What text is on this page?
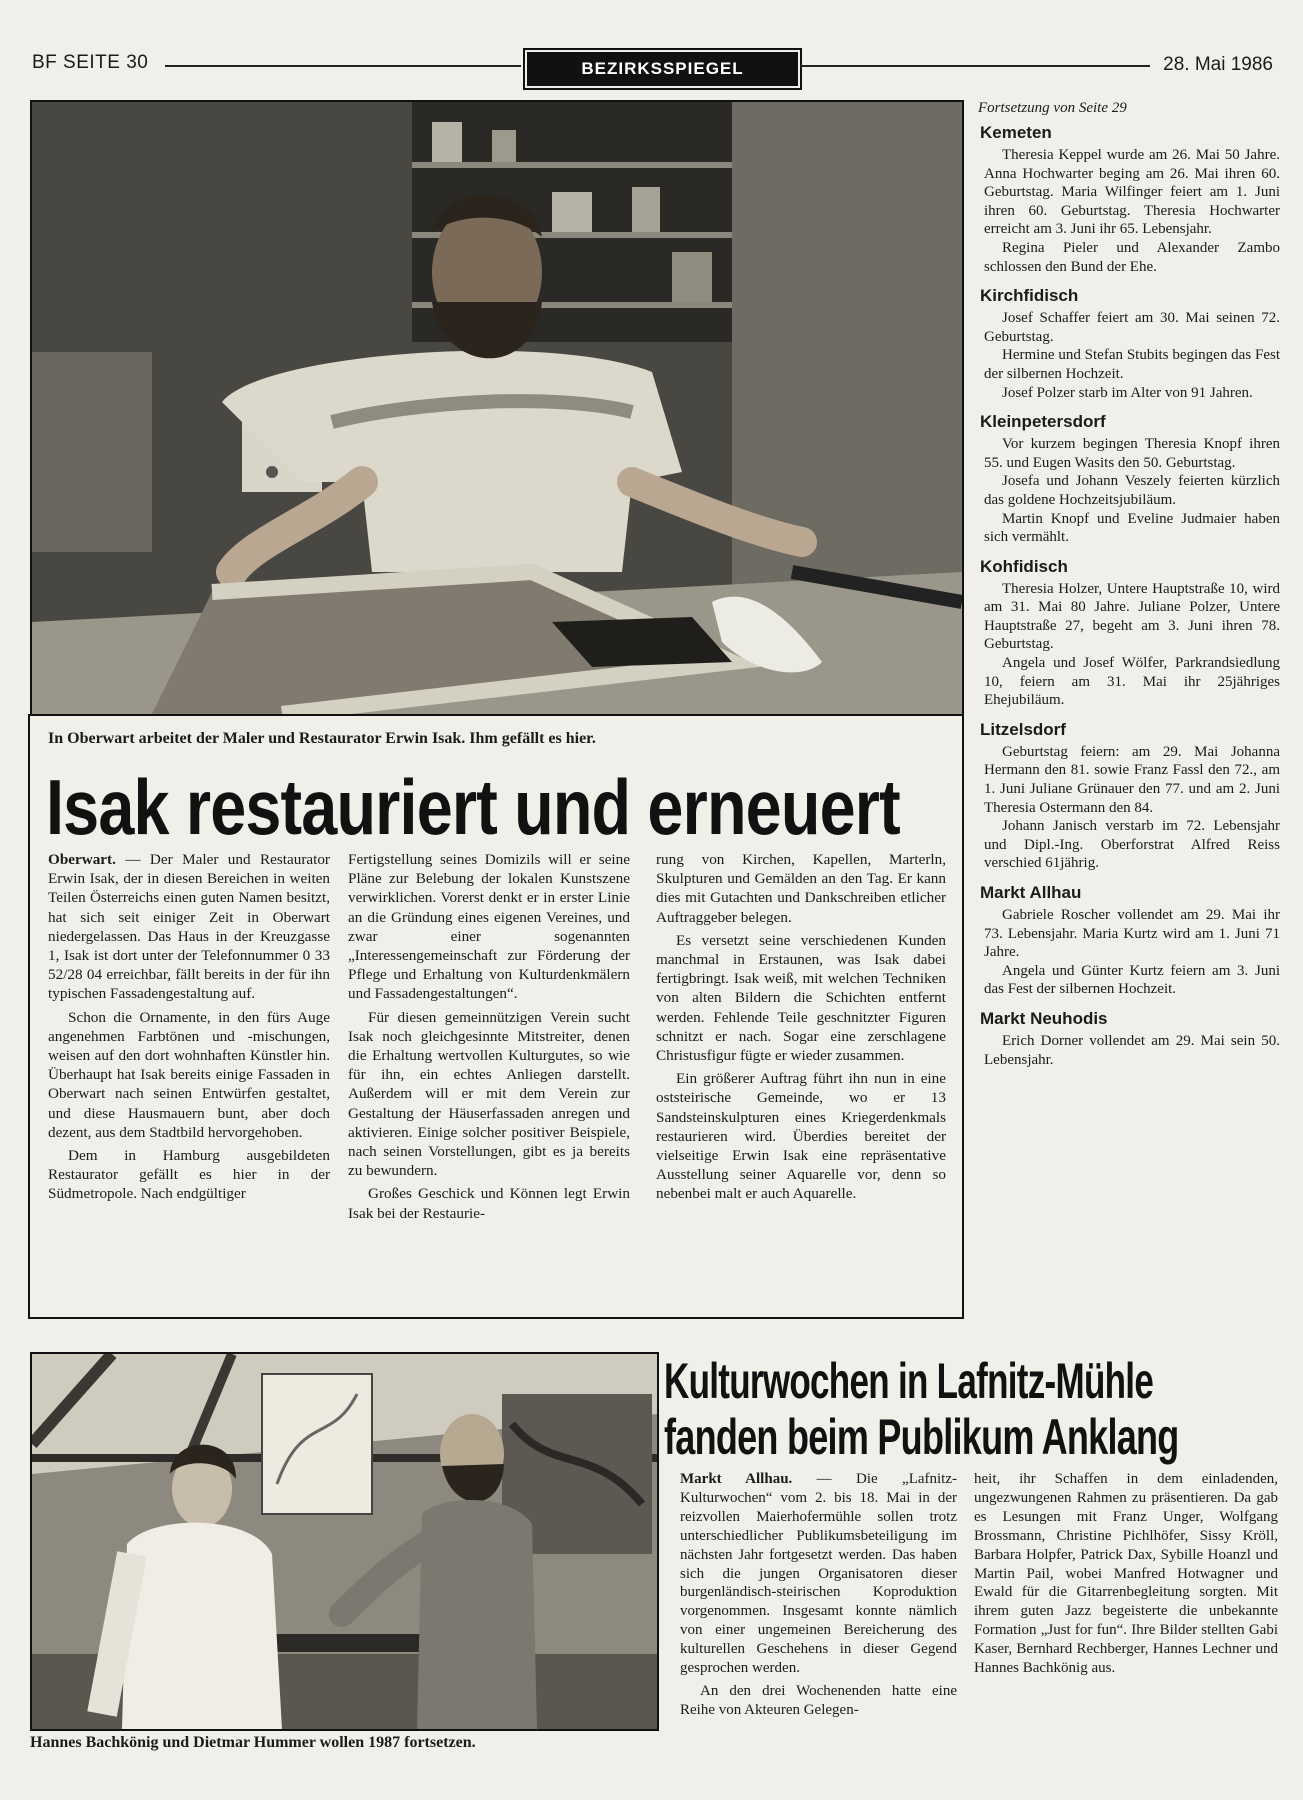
BF SEITE 30	BEZIRKSSPIEGEL	28. Mai 1986
In Oberwart arbeitet der Maler und Restaurator Erwin Isak. Ihm gefällt es hier.
Isak restauriert und erneuert

Oberwart. — Der Maler und Restaurator Erwin Isak, der in diesen Bereichen in weiten Teilen Österreichs einen guten Namen besitzt, hat sich seit einiger Zeit in Oberwart niedergelassen. Das Haus in der Kreuzgasse 1, Isak ist dort unter der Telefonnummer 0 33 52/28 04 erreichbar, fällt bereits in der für ihn typischen Fassadengestaltung auf.

Schon die Ornamente, in den fürs Auge angenehmen Farbtönen und -mischungen, weisen auf den dort wohnhaften Künstler hin. Überhaupt hat Isak bereits einige Fassaden in Oberwart nach seinen Entwürfen gestaltet, und diese Hausmauern bunt, aber doch dezent, aus dem Stadtbild hervorgehoben.

Dem in Hamburg ausgebildeten Restaurator gefällt es hier in der Südmetropole. Nach endgültiger

Fertigstellung seines Domizils will er seine Pläne zur Belebung der lokalen Kunstszene verwirklichen. Vorerst denkt er in erster Linie an die Gründung eines eigenen Vereines, und zwar einer sogenannten „Interessengemeinschaft zur Förderung der Pflege und Erhaltung von Kulturdenkmälern und Fassadengestaltungen“.

Für diesen gemeinnützigen Verein sucht Isak noch gleichgesinnte Mitstreiter, denen die Erhaltung wertvollen Kulturgutes, so wie für ihn, ein echtes Anliegen darstellt. Außerdem will er mit dem Verein zur Gestaltung der Häuserfassaden anregen und aktivieren. Einige solcher positiver Beispiele, nach seinen Vorstellungen, gibt es ja bereits zu bewundern.

Großes Geschick und Können legt Erwin Isak bei der Restaurie-

rung von Kirchen, Kapellen, Marterln, Skulpturen und Gemälden an den Tag. Er kann dies mit Gutachten und Dankschreiben etlicher Auftraggeber belegen.

Es versetzt seine verschiedenen Kunden manchmal in Erstaunen, was Isak dabei fertigbringt. Isak weiß, mit welchen Techniken von alten Bildern die Schichten entfernt werden. Fehlende Teile geschnitzter Figuren schnitzt er nach. Sogar eine zerschlagene Christusfigur fügte er wieder zusammen.

Ein größerer Auftrag führt ihn nun in eine oststeirische Gemeinde, wo er 13 Sandsteinskulpturen eines Kriegerdenkmals restaurieren wird. Überdies bereitet der vielseitige Erwin Isak eine repräsentative Ausstellung seiner Aquarelle vor, denn so nebenbei malt er auch Aquarelle.

Fortsetzung von Seite 29
Kemeten

Theresia Keppel wurde am 26. Mai 50 Jahre. Anna Hochwarter beging am 26. Mai ihren 60. Geburtstag. Maria Wilfinger feiert am 1. Juni ihren 60. Geburtstag. Theresia Hochwarter erreicht am 3. Juni ihr 65. Lebensjahr.

Regina Pieler und Alexander Zambo schlossen den Bund der Ehe.

Kirchfidisch

Josef Schaffer feiert am 30. Mai seinen 72. Geburtstag.

Hermine und Stefan Stubits begingen das Fest der silbernen Hochzeit.

Josef Polzer starb im Alter von 91 Jahren.

Kleinpetersdorf

Vor kurzem begingen Theresia Knopf ihren 55. und Eugen Wasits den 50. Geburtstag.

Josefa und Johann Veszely feierten kürzlich das goldene Hochzeitsjubiläum.

Martin Knopf und Eveline Judmaier haben sich vermählt.

Kohfidisch

Theresia Holzer, Untere Hauptstraße 10, wird am 31. Mai 80 Jahre. Juliane Polzer, Untere Hauptstraße 27, begeht am 3. Juni ihren 78. Geburtstag.

Angela und Josef Wölfer, Parkrandsiedlung 10, feiern am 31. Mai ihr 25jähriges Ehejubiläum.

Litzelsdorf

Geburtstag feiern: am 29. Mai Johanna Hermann den 81. sowie Franz Fassl den 72., am 1. Juni Juliane Grünauer den 77. und am 2. Juni Theresia Ostermann den 84.

Johann Janisch verstarb im 72. Lebensjahr und Dipl.-Ing. Oberforstrat Alfred Reiss verschied 61jährig.

Markt Allhau

Gabriele Roscher vollendet am 29. Mai ihr 73. Lebensjahr. Maria Kurtz wird am 1. Juni 71 Jahre.

Angela und Günter Kurtz feiern am 3. Juni das Fest der silbernen Hochzeit.

Markt Neuhodis

Erich Dorner vollendet am 29. Mai sein 50. Lebensjahr.

Hannes Bachkönig und Dietmar Hummer wollen 1987 fortsetzen.
Kulturwochen in Lafnitz-Mühle
fanden beim Publikum Anklang

Markt Allhau. — Die „Lafnitz-Kulturwochen“ vom 2. bis 18. Mai in der reizvollen Maierhofermühle sollen trotz unterschiedlicher Publikumsbeteiligung im nächsten Jahr fortgesetzt werden. Das haben sich die jungen Organisatoren dieser burgenländisch-steirischen Koproduktion vorgenommen. Insgesamt konnte nämlich von einer ungemeinen Bereicherung des kulturellen Geschehens in dieser Gegend gesprochen werden.

An den drei Wochenenden hatte eine Reihe von Akteuren Gelegen-

heit, ihr Schaffen in dem einladenden, ungezwungenen Rahmen zu präsentieren. Da gab es Lesungen mit Franz Unger, Wolfgang Brossmann, Christine Pichlhöfer, Sissy Kröll, Barbara Holpfer, Patrick Dax, Sybille Hoanzl und Martin Pail, wobei Manfred Hotwagner und Ewald für die Gitarrenbegleitung sorgten. Mit ihrem guten Jazz begeisterte die unbekannte Formation „Just for fun“. Ihre Bilder stellten Gabi Kaser, Bernhard Rechberger, Hannes Lechner und Hannes Bachkönig aus.
